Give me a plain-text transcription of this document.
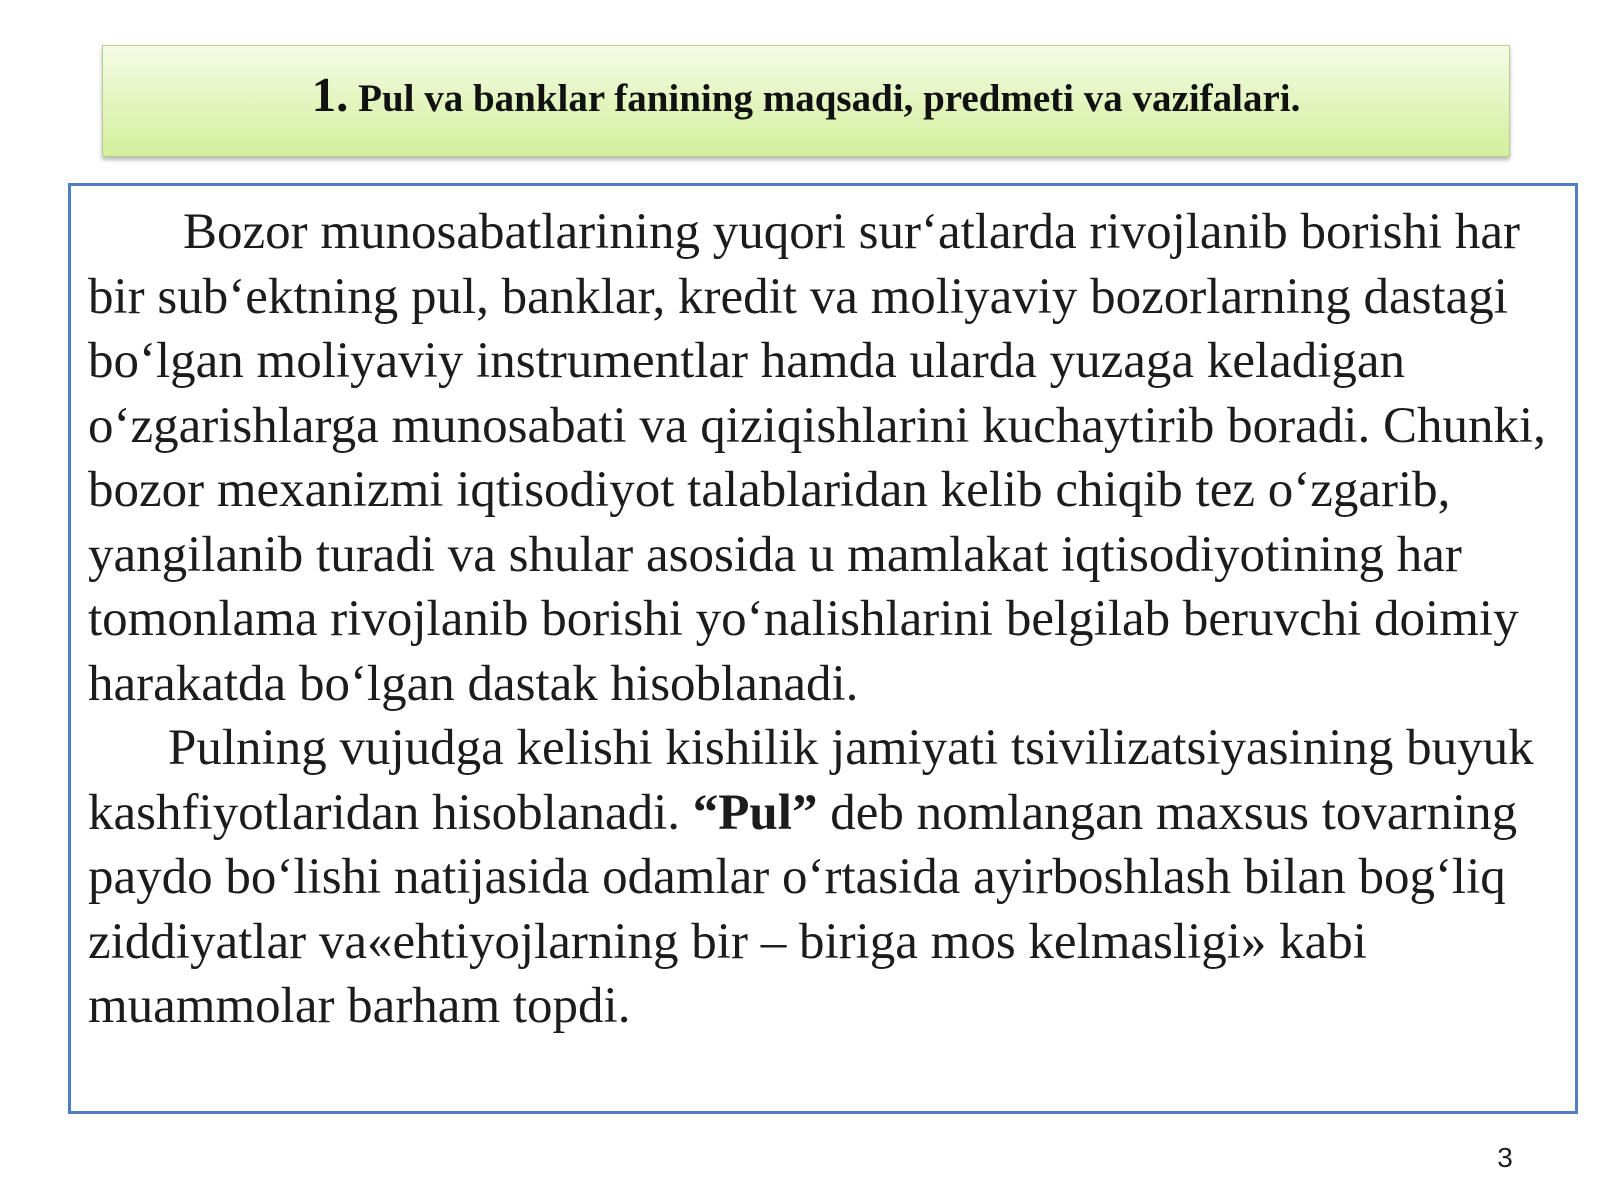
1. Pul va banklar fanining maqsadi, predmeti va vazifalari.

Bozor munosabatlarining yuqori sur‘atlarda rivojlanib borishi har bir sub‘ektning pul, banklar, kredit va moliyaviy bozorlarning dastagi bo‘lgan moliyaviy instrumentlar hamda ularda yuzaga keladigan o‘zgarishlarga munosabati va qiziqishlarini kuchaytirib boradi. Chunki, bozor mexanizmi iqtisodiyot talablaridan kelib chiqib tez o‘zgarib, yangilanib turadi va shular asosida u mamlakat iqtisodiyotining har tomonlama rivojlanib borishi yo‘nalishlarini belgilab beruvchi doimiy harakatda bo‘lgan dastak hisoblanadi.

Pulning vujudga kelishi kishilik jamiyati tsivilizatsiyasining buyuk kashfiyotlaridan hisoblanadi. “Pul” deb nomlangan maxsus tovarning paydo bo‘lishi natijasida odamlar o‘rtasida ayirboshlash bilan bog‘liq ziddiyatlar va«ehtiyojlarning bir – biriga mos kelmasligi» kabi muammolar barham topdi.

3
